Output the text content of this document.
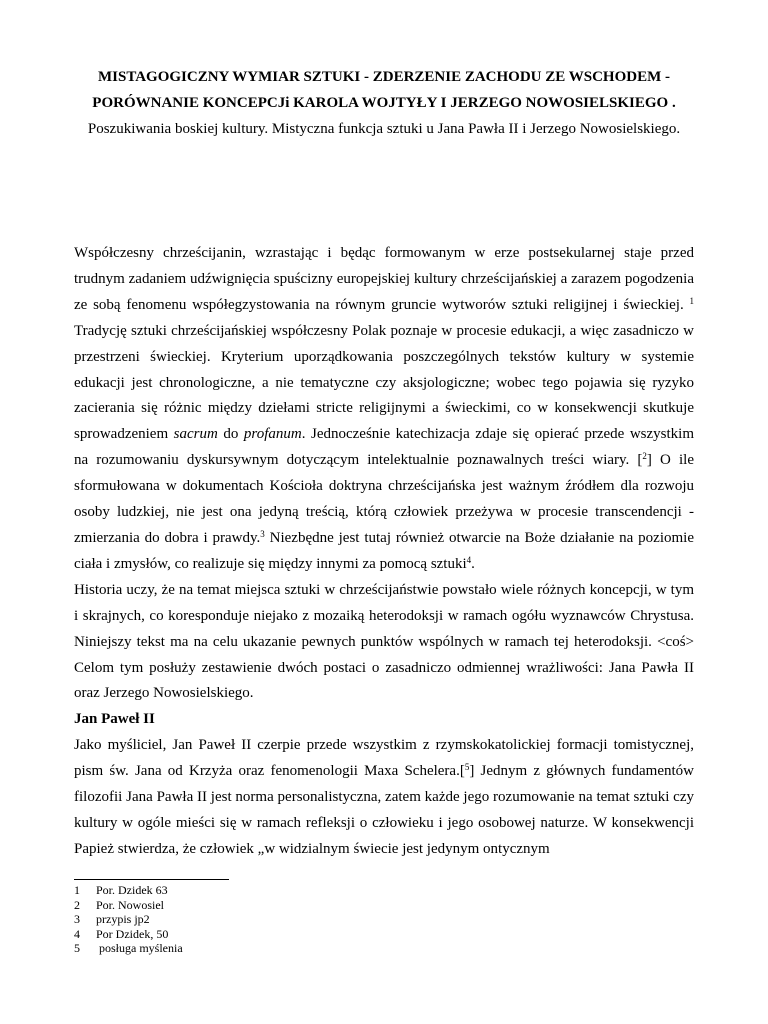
MISTAGOGICZNY WYMIAR SZTUKI - ZDERZENIE ZACHODU ZE WSCHODEM -
PORÓWNANIE KONCEPCJi KAROLA WOJTYŁY I JERZEGO NOWOSIELSKIEGO .
Poszukiwania boskiej kultury. Mistyczna funkcja sztuki u Jana Pawła II i Jerzego Nowosielskiego.

Współczesny chrześcijanin, wzrastając i będąc formowanym w erze postsekularnej staje przed trudnym zadaniem udźwignięcia spuścizny europejskiej kultury chrześcijańskiej a zarazem pogodzenia ze sobą fenomenu współegzystowania na równym gruncie wytworów sztuki religijnej i świeckiej. $^1$ Tradycję sztuki chrześcijańskiej współczesny Polak poznaje w procesie edukacji, a więc zasadniczo w przestrzeni świeckiej. Kryterium uporządkowania poszczególnych tekstów kultury w systemie edukacji jest chronologiczne, a nie tematyczne czy aksjologiczne; wobec tego pojawia się ryzyko zacierania się różnic między dziełami stricte religijnymi a świeckimi, co w konsekwencji skutkuje sprowadzeniem sacrum do profanum. Jednocześnie katechizacja zdaje się opierać przede wszystkim na rozumowaniu dyskursywnym dotyczącym intelektualnie poznawalnych treści wiary. [$^2$] O ile sformułowana w dokumentach Kościoła doktryna chrześcijańska jest ważnym źródłem dla rozwoju osoby ludzkiej, nie jest ona jedyną treścią, którą człowiek przeżywa w procesie transcendencji - zmierzania do dobra i prawdy.$^3$ Niezbędne jest tutaj również otwarcie na Boże działanie na poziomie ciała i zmysłów, co realizuje się między innymi za pomocą sztuki$^4$.

Historia uczy, że na temat miejsca sztuki w chrześcijaństwie powstało wiele różnych koncepcji, w tym i skrajnych, co koresponduje niejako z mozaiką heterodoksji w ramach ogółu wyznawców Chrystusa. Niniejszy tekst ma na celu ukazanie pewnych punktów wspólnych w ramach tej heterodoksji. <coś> Celom tym posłuży zestawienie dwóch postaci o zasadniczo odmiennej wrażliwości: Jana Pawła II oraz Jerzego Nowosielskiego.

Jan Paweł II

Jako myśliciel, Jan Paweł II czerpie przede wszystkim z rzymskokatolickiej formacji tomistycznej, pism św. Jana od Krzyża oraz fenomenologii Maxa Schelera.[$^5$] Jednym z głównych fundamentów filozofii Jana Pawła II jest norma personalistyczna, zatem każde jego rozumowanie na temat sztuki czy kultury w ogóle mieści się w ramach refleksji o człowieku i jego osobowej naturze. W konsekwencji Papież stwierdza, że człowiek „w widzialnym świecie jest jedynym ontycznym

1	Por. Dzidek 63
2	Por. Nowosiel
3	przypis jp2
4	Por Dzidek, 50
5	posługa myślenia
